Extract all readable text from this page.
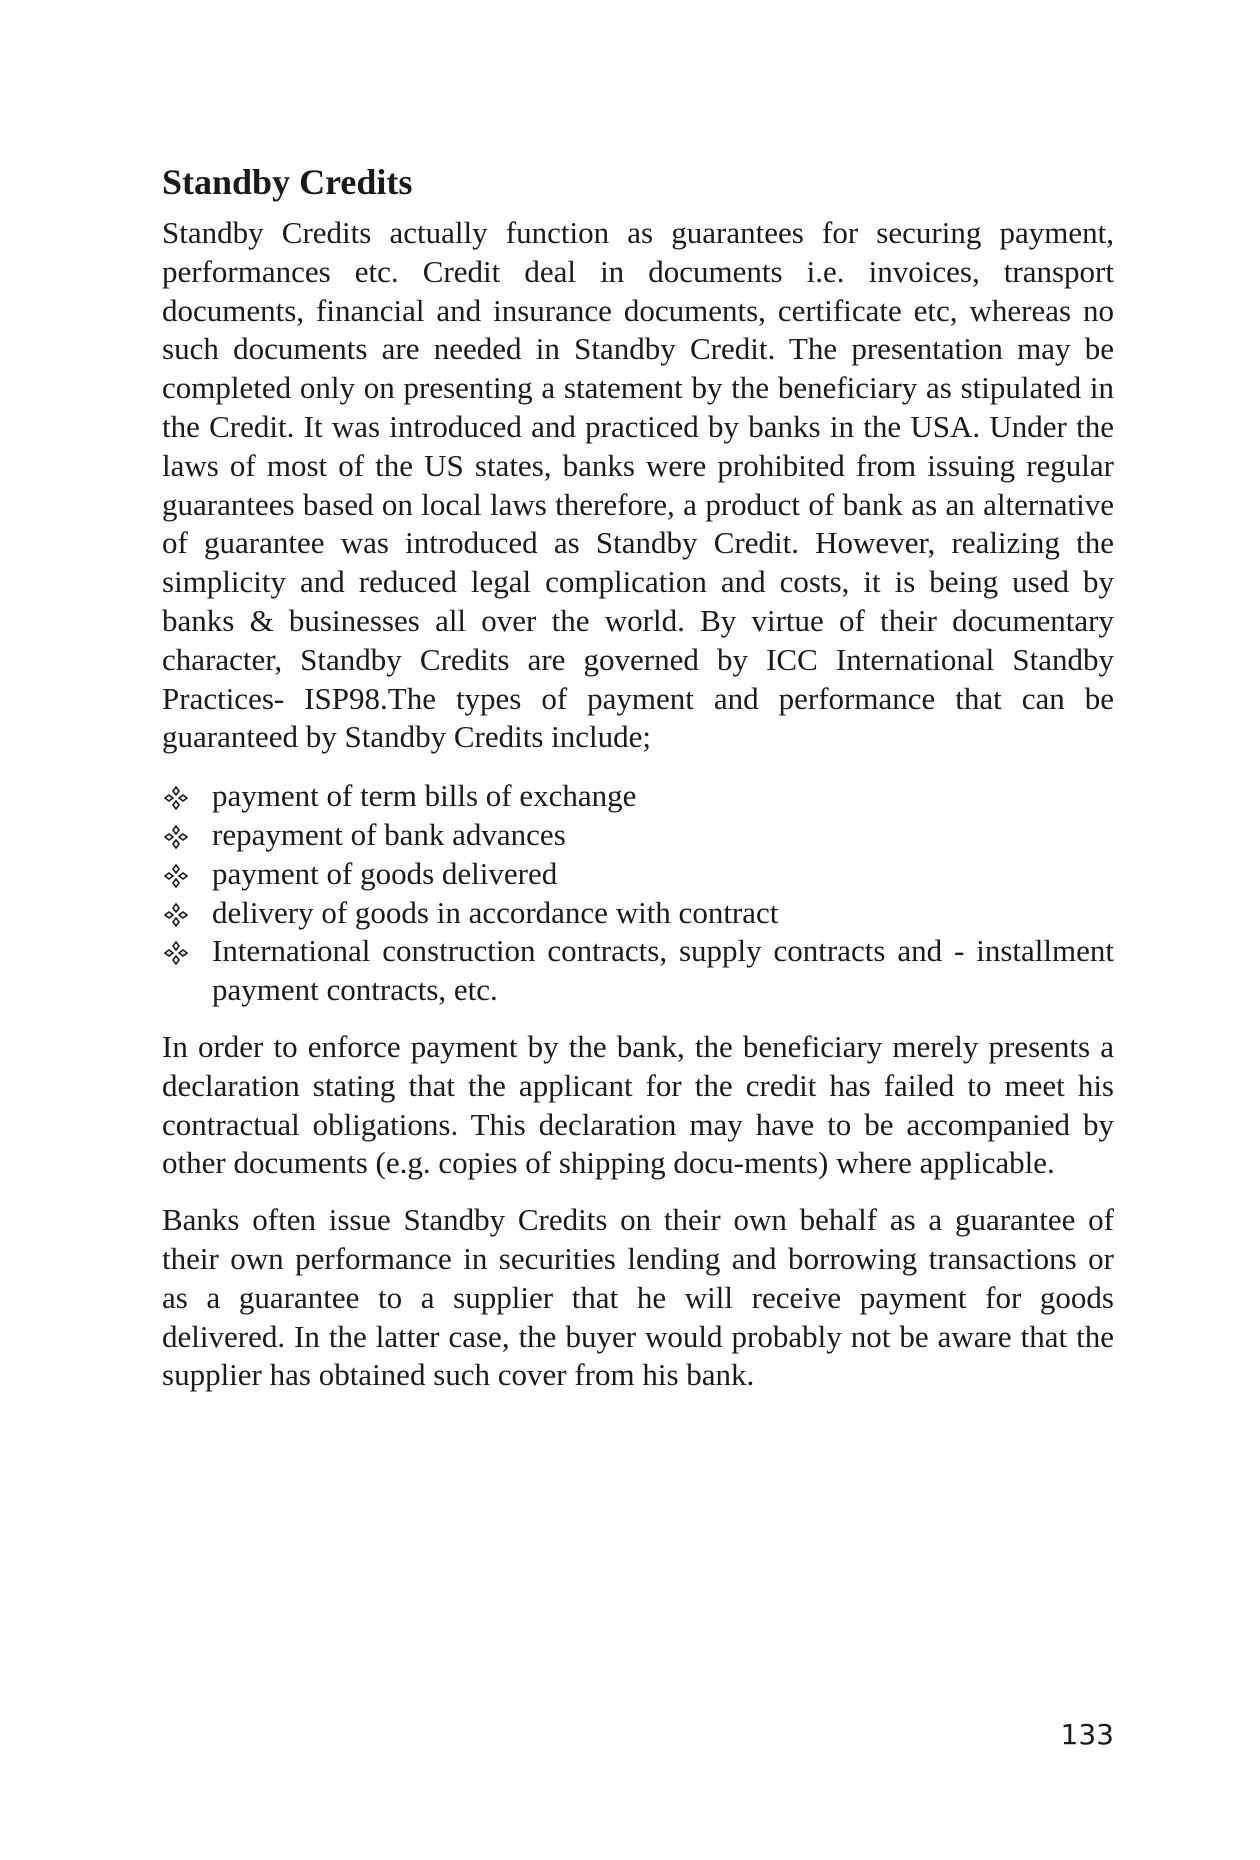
Standby Credits

Standby Credits actually function as guarantees for securing payment, performances etc. Credit deal in documents i.e. invoices, transport documents, financial and insurance documents, certificate etc, whereas no such documents are needed in Standby Credit. The presentation may be completed only on presenting a statement by the beneficiary as stipulated in the Credit. It was introduced and practiced by banks in the USA. Under the laws of most of the US states, banks were prohibited from issuing regular guarantees based on local laws therefore, a product of bank as an alternative of guarantee was introduced as Standby Credit. However, realizing the simplicity and reduced legal complication and costs, it is being used by banks & businesses all over the world. By virtue of their documentary character, Standby Credits are governed by ICC International Standby Practices- ISP98.The types of payment and performance that can be guaranteed by Standby Credits include;

payment of term bills of exchange
repayment of bank advances
payment of goods delivered
delivery of goods in accordance with contract
International construction contracts, supply contracts and - installment payment contracts, etc.

In order to enforce payment by the bank, the beneficiary merely presents a declaration stating that the applicant for the credit has failed to meet his contractual obligations. This declaration may have to be accompanied by other documents (e.g. copies of shipping docu-ments) where applicable.

Banks often issue Standby Credits on their own behalf as a guarantee of their own performance in securities lending and borrowing transactions or as a guarantee to a supplier that he will receive payment for goods delivered. In the latter case, the buyer would probably not be aware that the supplier has obtained such cover from his bank.

133
